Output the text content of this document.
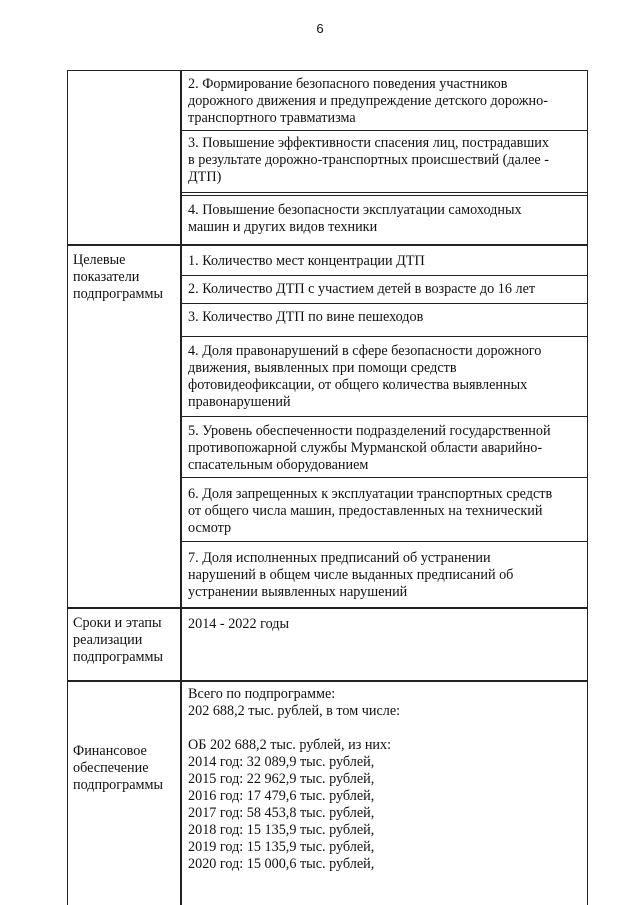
6
2. Формирование безопасного поведения участников
дорожного движения и предупреждение детского дорожно-
транспортного травматизма
3. Повышение эффективности спасения лиц, пострадавших
в результате дорожно-транспортных происшествий (далее -
ДТП)
4. Повышение безопасности эксплуатации самоходных
машин и других видов техники
Целевые
показатели
подпрограммы
1. Количество мест концентрации ДТП
2. Количество ДТП с участием детей в возрасте до 16 лет
3. Количество ДТП по вине пешеходов
4. Доля правонарушений в сфере безопасности дорожного
движения, выявленных при помощи средств
фотовидеофиксации, от общего количества выявленных
правонарушений
5. Уровень обеспеченности подразделений государственной
противопожарной службы Мурманской области аварийно-
спасательным оборудованием
6. Доля запрещенных к эксплуатации транспортных средств
от общего числа машин, предоставленных на технический
осмотр
7. Доля исполненных предписаний об устранении
нарушений в общем числе выданных предписаний об
устранении выявленных нарушений
Сроки и этапы
реализации
подпрограммы
2014 - 2022 годы
Финансовое
обеспечение
подпрограммы
Всего по подпрограмме:
202 688,2 тыс. рублей, в том числе:
ОБ 202 688,2 тыс. рублей, из них:
2014 год: 32 089,9 тыс. рублей,
2015 год: 22 962,9 тыс. рублей,
2016 год: 17 479,6 тыс. рублей,
2017 год: 58 453,8 тыс. рублей,
2018 год: 15 135,9 тыс. рублей,
2019 год: 15 135,9 тыс. рублей,
2020 год: 15 000,6 тыс. рублей,
